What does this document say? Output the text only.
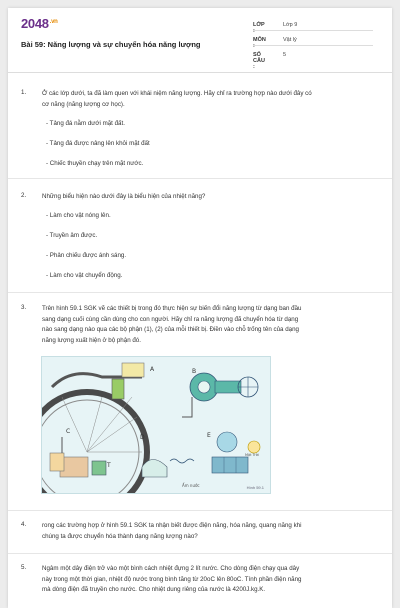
$2048^{.vn}$
Bài 59: Năng lượng và sự chuyển hóa năng lượng
LỚP :
Lớp 9
MÔN :
Vật lý
SỐ CÂU :
5
1.	Ở các lớp dưới, ta đã làm quen với khái niệm năng lượng. Hãy chỉ ra trường hợp nào dưới đây có
cơ năng (năng lượng cơ học).
- Tảng đá nằm dưới mặt đất.
- Tảng đá được nâng lên khỏi mặt đất
- Chiếc thuyền chạy trên mặt nước.
2.	Những biểu hiện nào dưới đây là biểu hiện của nhiệt năng?
- Làm cho vật nóng lên.
- Truyền âm được.
- Phản chiếu được ánh sáng.
- Làm cho vật chuyển động.
3.	Trên hình 59.1 SGK vẽ các thiết bị trong đó thực hiện sự biến đổi năng lượng từ dạng ban đầu
sang dạng cuối cùng cần dùng cho con người. Hãy chỉ ra năng lượng đã chuyển hóa từ dạng
nào sang dạng nào qua các bộ phận (1), (2) của mỗi thiết bị. Điền vào chỗ trống tên của dạng
năng lượng xuất hiện ở bộ phận đó.
A	B
C
D	E
T
Ấm nước
Mặt Trời
Hình 59.1
4.	rong các trường hợp ở hình 59.1 SGK ta nhận biết được điện năng, hóa năng, quang năng khi
chúng ta được chuyển hóa thành dạng năng lượng nào?
5.	Ngâm một dây điện trở vào một bình cách nhiệt đựng 2 lít nước. Cho dòng điện chạy qua dây
này trong một thời gian, nhiệt độ nước trong bình tăng từ 20oC lên 80oC. Tính phần điện năng
mà dòng điện đã truyền cho nước. Cho nhiệt dung riêng của nước là 4200J.kg.K.
